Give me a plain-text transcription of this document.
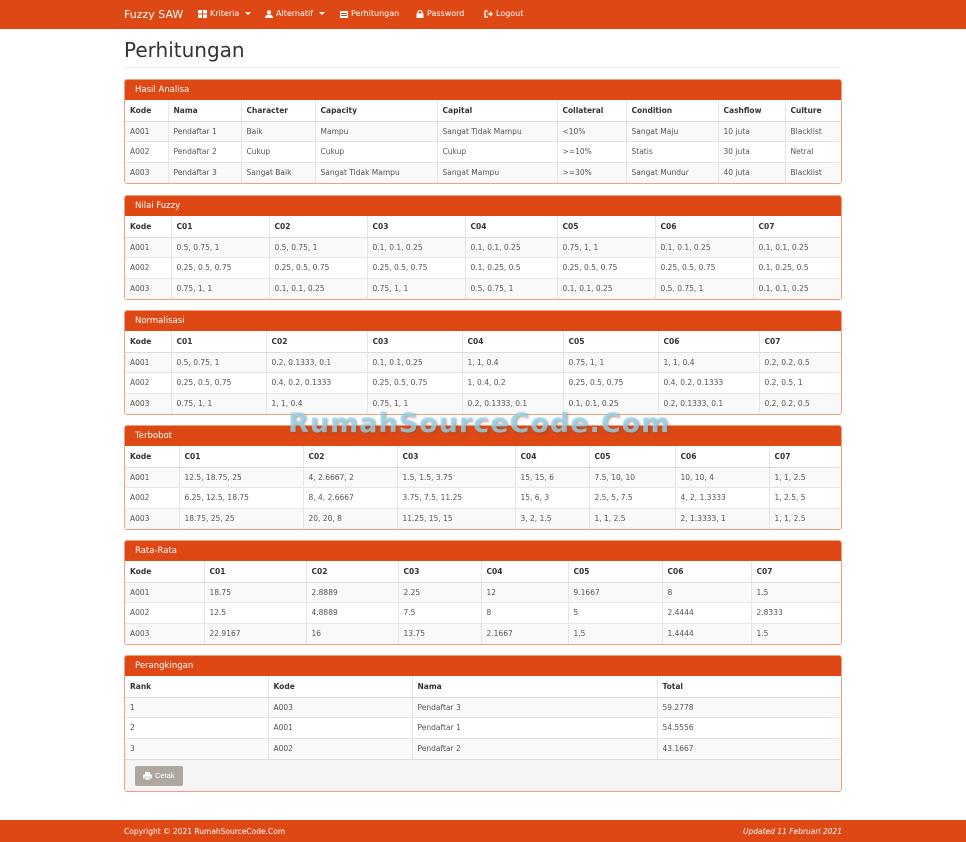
Fuzzy SAW	Kriteria	Alternatif	Perhitungan	Password	Logout
Perhitungan
Hasil Analisa
Kode	Nama	Character	Capacity	Capital	Collateral	Condition	Cashflow	Culture
A001	Pendaftar 1	Baik	Mampu	Sangat Tidak Mampu	<10%	Sangat Maju	10 juta	Blacklist
A002	Pendaftar 2	Cukup	Cukup	Cukup	>=10%	Statis	30 juta	Netral
A003	Pendaftar 3	Sangat Baik	Sangat Tidak Mampu	Sangat Mampu	>=30%	Sangat Mundur	40 juta	Blacklist
Nilai Fuzzy
Kode	C01	C02	C03	C04	C05	C06	C07
A001	0.5, 0.75, 1	0.5, 0.75, 1	0.1, 0.1, 0.25	0.1, 0.1, 0.25	0.75, 1, 1	0.1, 0.1, 0.25	0.1, 0.1, 0.25
A002	0.25, 0.5, 0.75	0.25, 0.5, 0.75	0.25, 0.5, 0.75	0.1, 0.25, 0.5	0.25, 0.5, 0.75	0.25, 0.5, 0.75	0.1, 0.25, 0.5
A003	0.75, 1, 1	0.1, 0.1, 0.25	0.75, 1, 1	0.5, 0.75, 1	0.1, 0.1, 0.25	0.5, 0.75, 1	0.1, 0.1, 0.25
Normalisasi
Kode	C01	C02	C03	C04	C05	C06	C07
A001	0.5, 0.75, 1	0.2, 0.1333, 0.1	0.1, 0.1, 0.25	1, 1, 0.4	0.75, 1, 1	1, 1, 0.4	0.2, 0.2, 0.5
A002	0.25, 0.5, 0.75	0.4, 0.2, 0.1333	0.25, 0.5, 0.75	1, 0.4, 0.2	0.25, 0.5, 0.75	0.4, 0.2, 0.1333	0.2, 0.5, 1
A003	0.75, 1, 1	1, 1, 0.4	0.75, 1, 1	0.2, 0.1333, 0.1	0.1, 0.1, 0.25	0.2, 0.1333, 0.1	0.2, 0.2, 0.5
Terbobot
Kode	C01	C02	C03	C04	C05	C06	C07
A001	12.5, 18.75, 25	4, 2.6667, 2	1.5, 1.5, 3.75	15, 15, 6	7.5, 10, 10	10, 10, 4	1, 1, 2.5
A002	6.25, 12.5, 18.75	8, 4, 2.6667	3.75, 7.5, 11.25	15, 6, 3	2.5, 5, 7.5	4, 2, 1.3333	1, 2.5, 5
A003	18.75, 25, 25	20, 20, 8	11.25, 15, 15	3, 2, 1.5	1, 1, 2.5	2, 1.3333, 1	1, 1, 2.5
Rata-Rata
Kode	C01	C02	C03	C04	C05	C06	C07
A001	18.75	2.8889	2.25	12	9.1667	8	1.5
A002	12.5	4.8889	7.5	8	5	2.4444	2.8333
A003	22.9167	16	13.75	2.1667	1.5	1.4444	1.5
Perangkingan
Rank	Kode	Nama	Total
1	A003	Pendaftar 3	59.2778
2	A001	Pendaftar 1	54.5556
3	A002	Pendaftar 2	43.1667
Cetak
RumahSourceCode.Com
Copyright © 2021 RumahSourceCode.Com	Updated 11 Februari 2021
